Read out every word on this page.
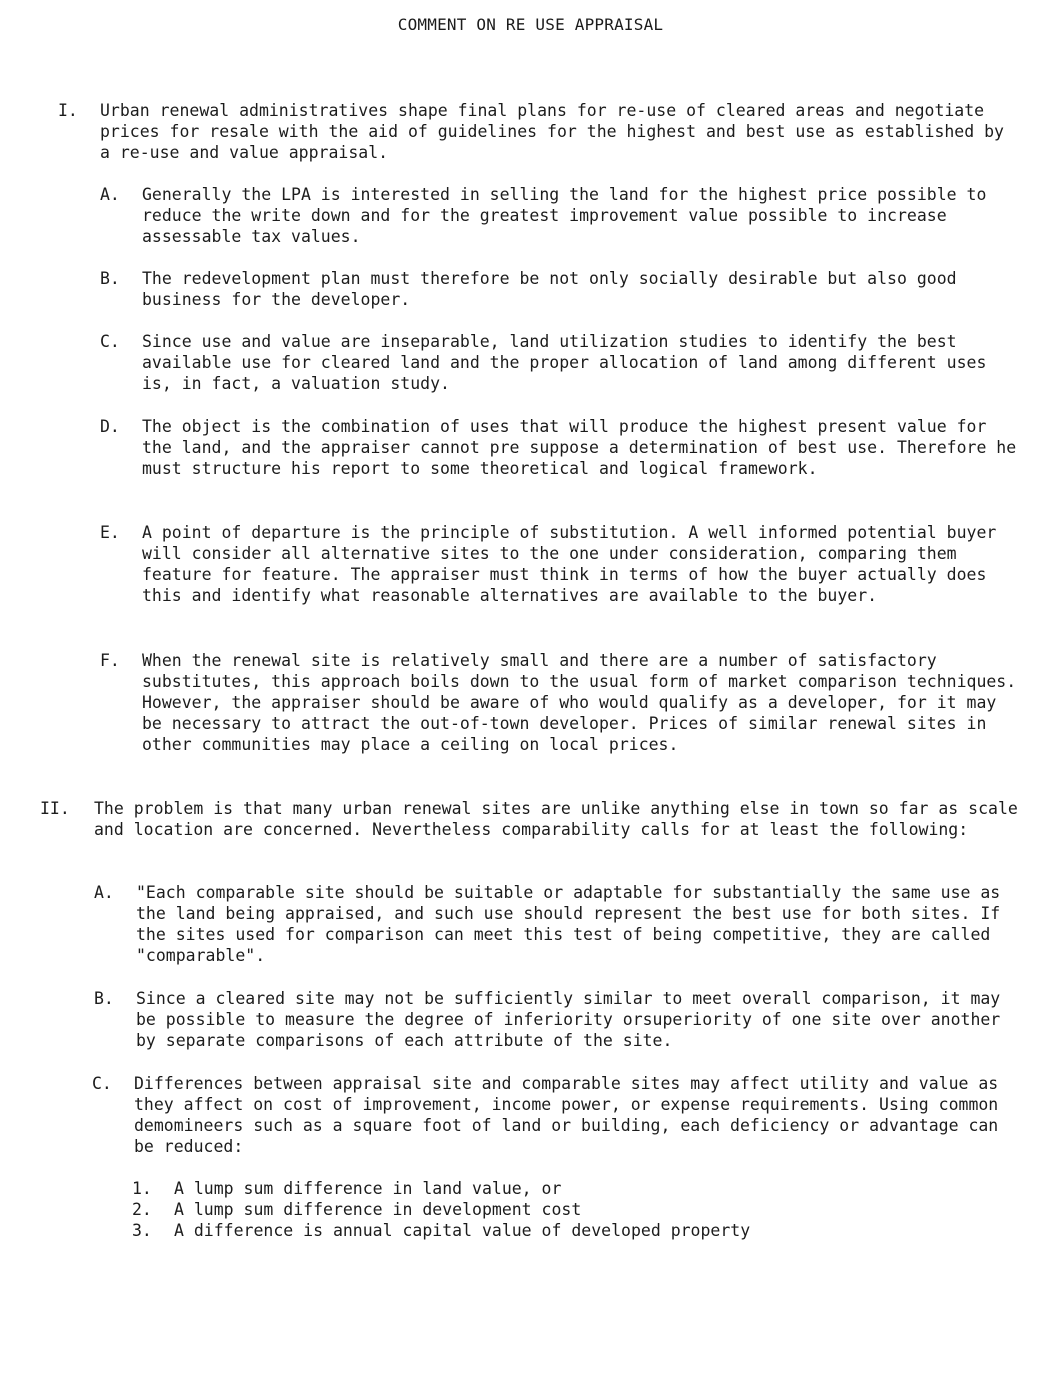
COMMENT ON RE USE APPRAISAL
I. Urban renewal administratives shape final plans for re-use of cleared areas and negotiate prices for resale with the aid of guidelines for the highest and best use as established by a re-use and value appraisal.
A. Generally the LPA is interested in selling the land for the highest price possible to reduce the write down and for the greatest improvement value possible to increase assessable tax values.
B. The redevelopment plan must therefore be not only socially desirable but also good business for the developer.
C. Since use and value are inseparable, land utilization studies to identify the best available use for cleared land and the proper allocation of land among different uses is, in fact, a valuation study.
D. The object is the combination of uses that will produce the highest present value for the land, and the appraiser cannot pre suppose a determination of best use. Therefore he must structure his report to some theoretical and logical framework.
E. A point of departure is the principle of substitution. A well informed potential buyer will consider all alternative sites to the one under consideration, comparing them feature for feature. The appraiser must think in terms of how the buyer actually does this and identify what reasonable alternatives are available to the buyer.
F. When the renewal site is relatively small and there are a number of satisfactory substitutes, this approach boils down to the usual form of market comparison techniques. However, the appraiser should be aware of who would qualify as a developer, for it may be necessary to attract the out-of-town developer. Prices of similar renewal sites in other communities may place a ceiling on local prices.
II. The problem is that many urban renewal sites are unlike anything else in town so far as scale and location are concerned. Nevertheless comparability calls for at least the following:
A. "Each comparable site should be suitable or adaptable for substantially the same use as the land being appraised, and such use should represent the best use for both sites. If the sites used for comparison can meet this test of being competitive, they are called "comparable".
B. Since a cleared site may not be sufficiently similar to meet overall comparison, it may be possible to measure the degree of inferiority orsuperiority of one site over another by separate comparisons of each attribute of the site.
C. Differences between appraisal site and comparable sites may affect utility and value as they affect on cost of improvement, income power, or expense requirements. Using common demomineers such as a square foot of land or building, each deficiency or advantage can be reduced:
1. A lump sum difference in land value, or
2. A lump sum difference in development cost
3. A difference is annual capital value of developed property
